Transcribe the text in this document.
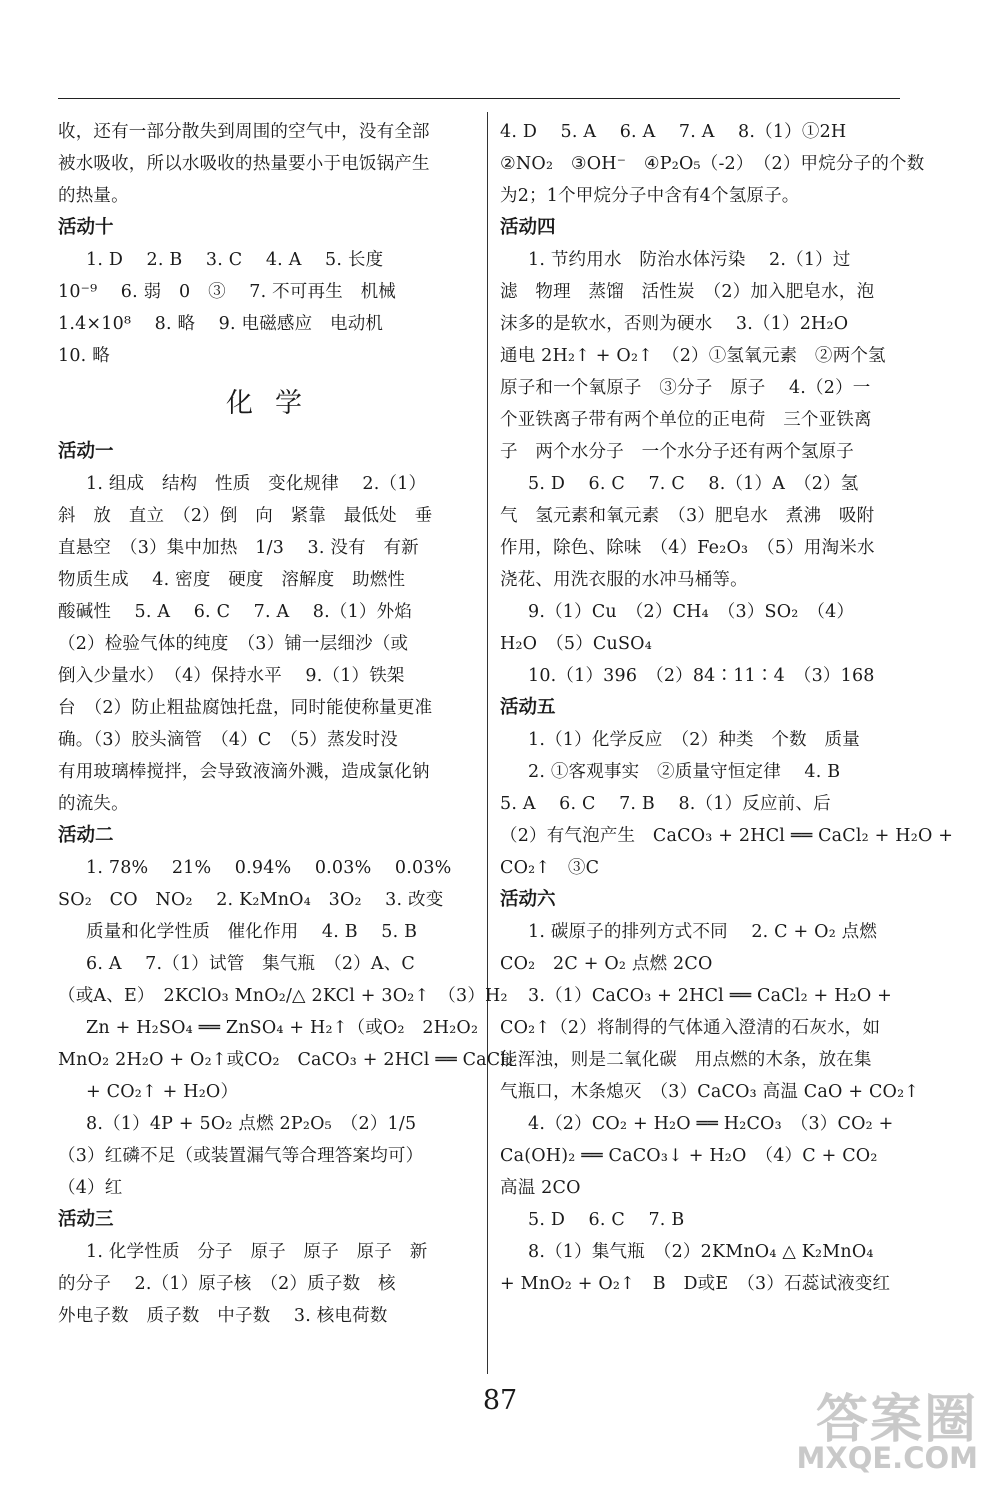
收，还有一部分散失到周围的空气中，没有全部
被水吸收，所以水吸收的热量要小于电饭锅产生
的热量。
活动十
1. D　 2. B　 3. C　 4. A　 5. 长度
10⁻⁹　 6. 弱　0　③　 7. 不可再生　机械
1.4×10⁸　 8. 略　 9. 电磁感应　电动机
10. 略
化学
活动一
1. 组成　结构　性质　变化规律　 2.（1）
斜　放　直立　（2）倒　向　紧靠　最低处　垂
直悬空　（3）集中加热　1/3　 3. 没有　有新
物质生成　 4. 密度　硬度　溶解度　助燃性
酸碱性　 5. A　 6. C　 7. A　 8.（1）外焰
（2）检验气体的纯度　（3）铺一层细沙（或
倒入少量水）　（4）保持水平　 9.（1）铁架
台　（2）防止粗盐腐蚀托盘，同时能使称量更准
确。（3）胶头滴管　（4）C　（5）蒸发时没
有用玻璃棒搅拌，会导致液滴外溅，造成氯化钠
的流失。
活动二
1. 78%　 21%　 0.94%　 0.03%　 0.03%
SO₂　CO　NO₂　 2. K₂MnO₄　3O₂　 3. 改变
质量和化学性质　催化作用　 4. B　 5. B
6. A　 7.（1）试管　集气瓶　（2）A、C
（或A、E）　2KClO₃ MnO₂/△ 2KCl + 3O₂↑　（3）H₂
Zn + H₂SO₄ ══ ZnSO₄ + H₂↑（或O₂　2H₂O₂
MnO₂ 2H₂O + O₂↑或CO₂　CaCO₃ + 2HCl ══ CaCl₂
+ CO₂↑ + H₂O）
8.（1）4P + 5O₂ 点燃 2P₂O₅　（2）1/5
（3）红磷不足（或装置漏气等合理答案均可）
（4）红
活动三
1. 化学性质　分子　原子　原子　原子　新
的分子　 2.（1）原子核　（2）质子数　核
外电子数　质子数　中子数　 3. 核电荷数
4. D　 5. A　 6. A　 7. A　 8.（1）①2H
②NO₂　③OH⁻　④P₂O₅（-2）　（2）甲烷分子的个数
为2；1个甲烷分子中含有4个氢原子。
活动四
1. 节约用水　防治水体污染　 2.（1）过
滤　物理　蒸馏　活性炭　（2）加入肥皂水，泡
沫多的是软水，否则为硬水　 3.（1）2H₂O
通电 2H₂↑ + O₂↑　（2）①氢氧元素　②两个氢
原子和一个氧原子　③分子　原子　 4.（2）一
个亚铁离子带有两个单位的正电荷　三个亚铁离
子　两个水分子　一个水分子还有两个氢原子
5. D　 6. C　 7. C　 8.（1）A　（2）氢
气　氢元素和氧元素　（3）肥皂水　煮沸　吸附
作用，除色、除味　（4）Fe₂O₃　（5）用淘米水
浇花、用洗衣服的水冲马桶等。
9.（1）Cu　（2）CH₄　（3）SO₂　（4）
H₂O　（5）CuSO₄
10.（1）396　（2）84∶11∶4　（3）168
活动五
1.（1）化学反应　（2）种类　个数　质量
2. ①客观事实　②质量守恒定律　 4. B
5. A　 6. C　 7. B　 8.（1）反应前、后
（2）有气泡产生　CaCO₃ + 2HCl ══ CaCl₂ + H₂O +
CO₂↑　③C
活动六
1. 碳原子的排列方式不同　 2. C + O₂ 点燃
CO₂　2C + O₂ 点燃 2CO
3.（1）CaCO₃ + 2HCl ══ CaCl₂ + H₂O +
CO₂↑（2）将制得的气体通入澄清的石灰水，如
能浑浊，则是二氧化碳　用点燃的木条，放在集
气瓶口，木条熄灭　（3）CaCO₃ 高温 CaO + CO₂↑
4.（2）CO₂ + H₂O ══ H₂CO₃　（3）CO₂ +
Ca(OH)₂ ══ CaCO₃↓ + H₂O　（4）C + CO₂
高温 2CO
5. D　 6. C　 7. B
8.（1）集气瓶　（2）2KMnO₄ △ K₂MnO₄
+ MnO₂ + O₂↑　B　D或E　（3）石蕊试液变红
87	答案圈
MXQE.COM
